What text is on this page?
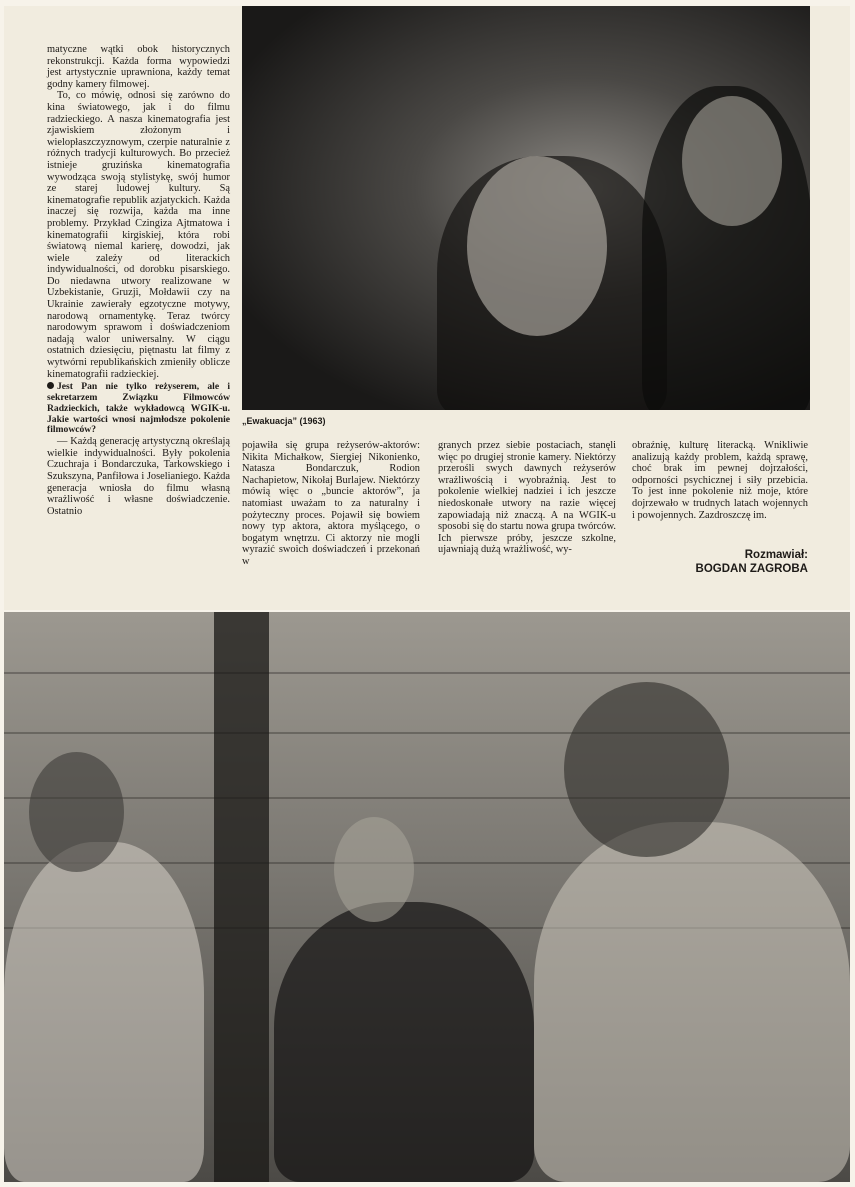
„Ewakuacja” (1963)

matyczne wątki obok historycznych rekonstrukcji. Każda forma wypowiedzi jest artystycznie uprawniona, każdy temat godny kamery filmowej.

To, co mówię, odnosi się zarówno do kina światowego, jak i do filmu radzieckiego. A nasza kinematografia jest zjawiskiem złożonym i wielopłaszczyznowym, czerpie naturalnie z różnych tradycji kulturowych. Bo przecież istnieje gruzińska kinematografia wywodząca swoją stylistykę, swój humor ze starej ludowej kultury. Są kinematografie republik azjatyckich. Każda inaczej się rozwija, każda ma inne problemy. Przykład Czingiza Ajtmatowa i kinematografii kirgiskiej, która robi światową niemal karierę, dowodzi, jak wiele zależy od literackich indywidualności, od dorobku pisarskiego. Do niedawna utwory realizowane w Uzbekistanie, Gruzji, Mołdawii czy na Ukrainie zawierały egzotyczne motywy, narodową ornamentykę. Teraz twórcy narodowym sprawom i doświadczeniom nadają walor uniwersalny. W ciągu ostatnich dziesięciu, piętnastu lat filmy z wytwórni republikańskich zmieniły oblicze kinematografii radzieckiej.

Jest Pan nie tylko reżyserem, ale i sekretarzem Związku Filmowców Radzieckich, także wykładowcą WGIK-u. Jakie wartości wnosi najmłodsze pokolenie filmowców?

— Każdą generację artystyczną określają wielkie indywidualności. Były pokolenia Czuchraja i Bondarczuka, Tarkowskiego i Szukszyna, Panfiłowa i Joselianiego. Każda generacja wniosła do filmu własną wrażliwość i własne doświadczenie. Ostatnio

pojawiła się grupa reżyserów-aktorów: Nikita Michałkow, Siergiej Nikonienko, Natasza Bondarczuk, Rodion Nachapietow, Nikołaj Burlajew. Niektórzy mówią więc o „buncie aktorów”, ja natomiast uważam to za naturalny i pożyteczny proces. Pojawił się bowiem nowy typ aktora, aktora myślącego, o bogatym wnętrzu. Ci aktorzy nie mogli wyrazić swoich doświadczeń i przekonań w

granych przez siebie postaciach, stanęli więc po drugiej stronie kamery. Niektórzy przerośli swych dawnych reżyserów wrażliwością i wyobraźnią. Jest to pokolenie wielkiej nadziei i ich jeszcze niedoskonałe utwory na razie więcej zapowiadają niż znaczą. A na WGIK-u sposobi się do startu nowa grupa twórców. Ich pierwsze próby, jeszcze szkolne, ujawniają dużą wrażliwość, wy-

obraźnię, kulturę literacką. Wnikliwie analizują każdy problem, każdą sprawę, choć brak im pewnej dojrzałości, odporności psychicznej i siły przebicia. To jest inne pokolenie niż moje, które dojrzewało w trudnych latach wojennych i powojennych. Zazdroszczę im.

Rozmawiał:
BOGDAN ZAGROBA
